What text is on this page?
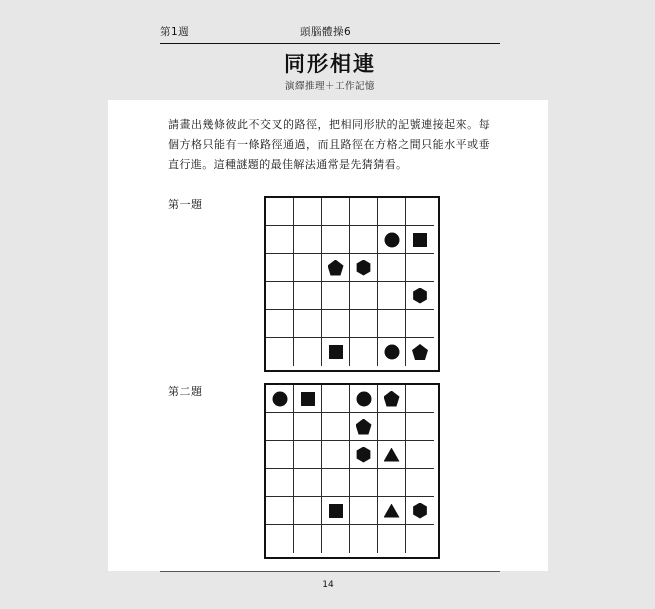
第1週	頭腦體操6
同形相連
演繹推理＋工作記憶
請畫出幾條彼此不交叉的路徑，把相同形狀的記號連接起來。每個方格只能有一條路徑通過，而且路徑在方格之間只能水平或垂直行進。這種謎題的最佳解法通常是先猜猜看。
第一題
第二題
14
